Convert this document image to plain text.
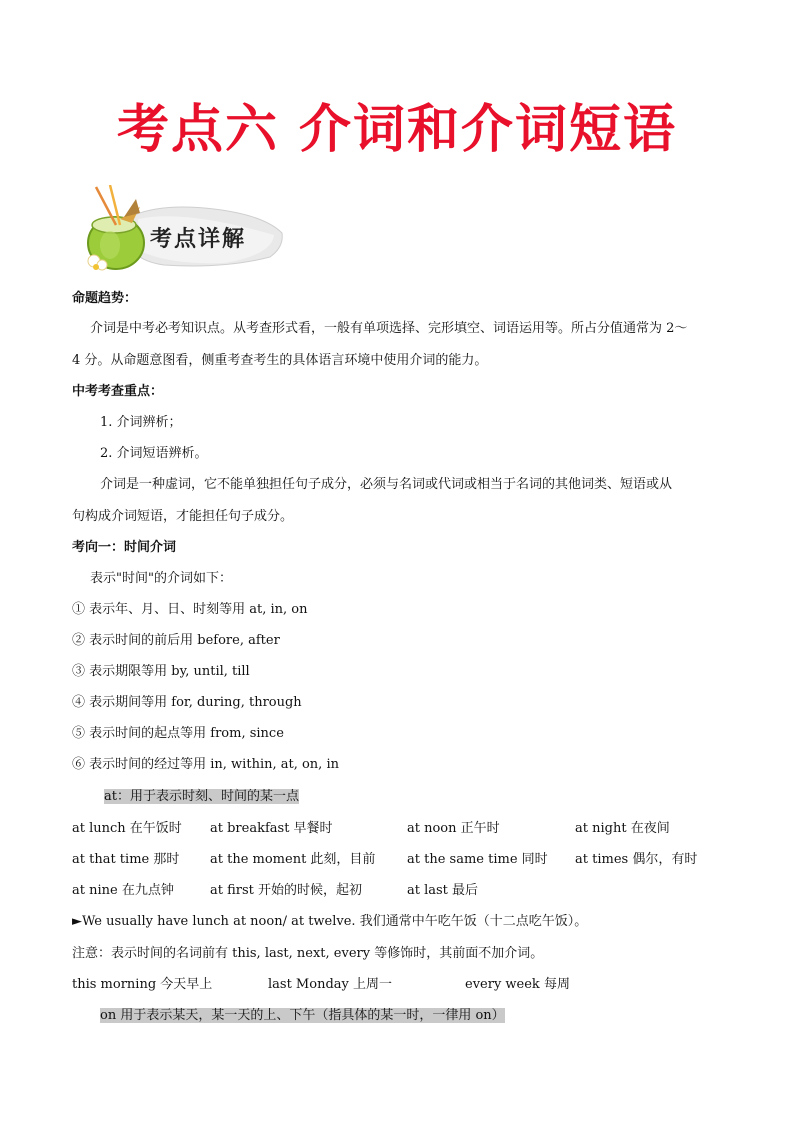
考点六 介词和介词短语
考点详解
命题趋势：
介词是中考必考知识点。从考查形式看，一般有单项选择、完形填空、词语运用等。所占分值通常为 2～
4 分。从命题意图看，侧重考查考生的具体语言环境中使用介词的能力。
中考考查重点：
1. 介词辨析；
2. 介词短语辨析。
介词是一种虚词，它不能单独担任句子成分，必须与名词或代词或相当于名词的其他词类、短语或从
句构成介词短语，才能担任句子成分。
考向一：时间介词
表示"时间"的介词如下：
① 表示年、月、日、时刻等用 at, in, on
② 表示时间的前后用 before, after
③ 表示期限等用 by, until, till
④ 表示期间等用 for, during, through
⑤ 表示时间的起点等用 from, since
⑥ 表示时间的经过等用 in, within, at, on, in
at：用于表示时刻、时间的某一点
at lunch 在午饭时 at breakfast 早餐时	at noon 正午时	at night 在夜间
at that time 那时 at the moment 此刻，目前 at the same time 同时 at times 偶尔，有时
at nine 在九点钟	at first 开始的时候，起初	at last 最后
►We usually have lunch at noon/ at twelve. 我们通常中午吃午饭（十二点吃午饭）。
注意：表示时间的名词前有 this, last, next, every 等修饰时，其前面不加介词。
this morning 今天早上	last Monday 上周一	every week 每周
on 用于表示某天，某一天的上、下午（指具体的某一时，一律用 on）
